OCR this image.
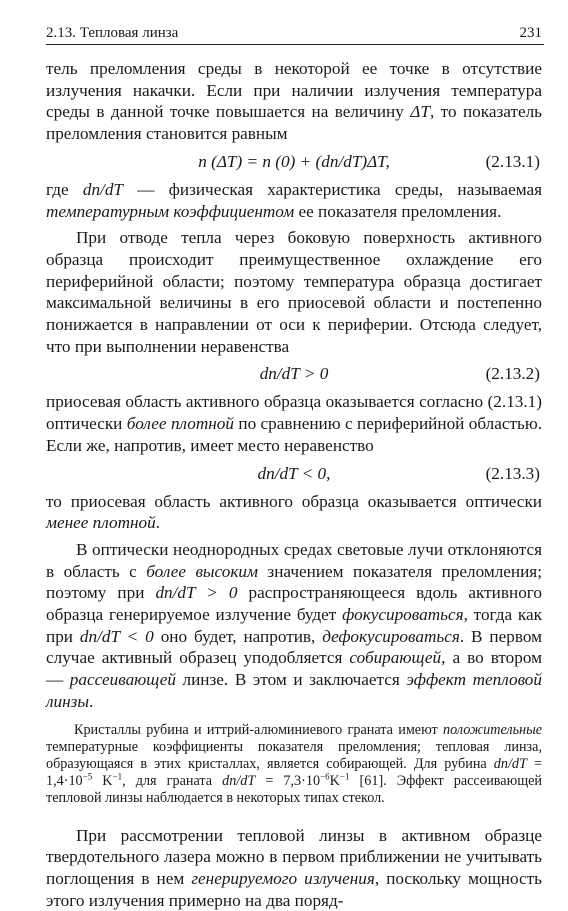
2.13. Тепловая линза	231

тель преломления среды в некоторой ее точке в отсутствие излучения накачки. Если при наличии излучения температура среды в данной точке повышается на величину ΔT, то показатель преломления становится равным

n (ΔT) = n (0) + (dn/dT)ΔT,	(2.13.1)

где dn/dT — физическая характеристика среды, называемая температурным коэффициентом ее показателя преломления.

При отводе тепла через боковую поверхность активного образца происходит преимущественное охлаждение его периферийной области; поэтому температура образца достигает максимальной величины в его приосевой области и постепенно понижается в направлении от оси к периферии. Отсюда следует, что при выполнении неравенства

dn/dT > 0	(2.13.2)

приосевая область активного образца оказывается согласно (2.13.1) оптически более плотной по сравнению с периферийной областью. Если же, напротив, имеет место неравенство

dn/dT < 0,	(2.13.3)

то приосевая область активного образца оказывается оптически менее плотной.

В оптически неоднородных средах световые лучи отклоняются в область с более высоким значением показателя преломления; поэтому при dn/dT > 0 распространяющееся вдоль активного образца генерируемое излучение будет фокусироваться, тогда как при dn/dT < 0 оно будет, напротив, дефокусироваться. В первом случае активный образец уподобляется собирающей, а во втором — рассеивающей линзе. В этом и заключается эффект тепловой линзы.

Кристаллы рубина и иттрий-алюминиевого граната имеют положительные температурные коэффициенты показателя преломления; тепловая линза, образующаяся в этих кристаллах, является собирающей. Для рубина $dn/dT = 1,4\cdot 10^{-5}$ $K^{-1}$, для граната $dn/dT = 7,3\cdot 10^{-6}K^{-1}$ [61]. Эффект рассеивающей тепловой линзы наблюдается в некоторых типах стекол.

При рассмотрении тепловой линзы в активном образце твердотельного лазера можно в первом приближении не учитывать поглощения в нем генерируемого излучения, поскольку мощность этого излучения примерно на два поряд-
